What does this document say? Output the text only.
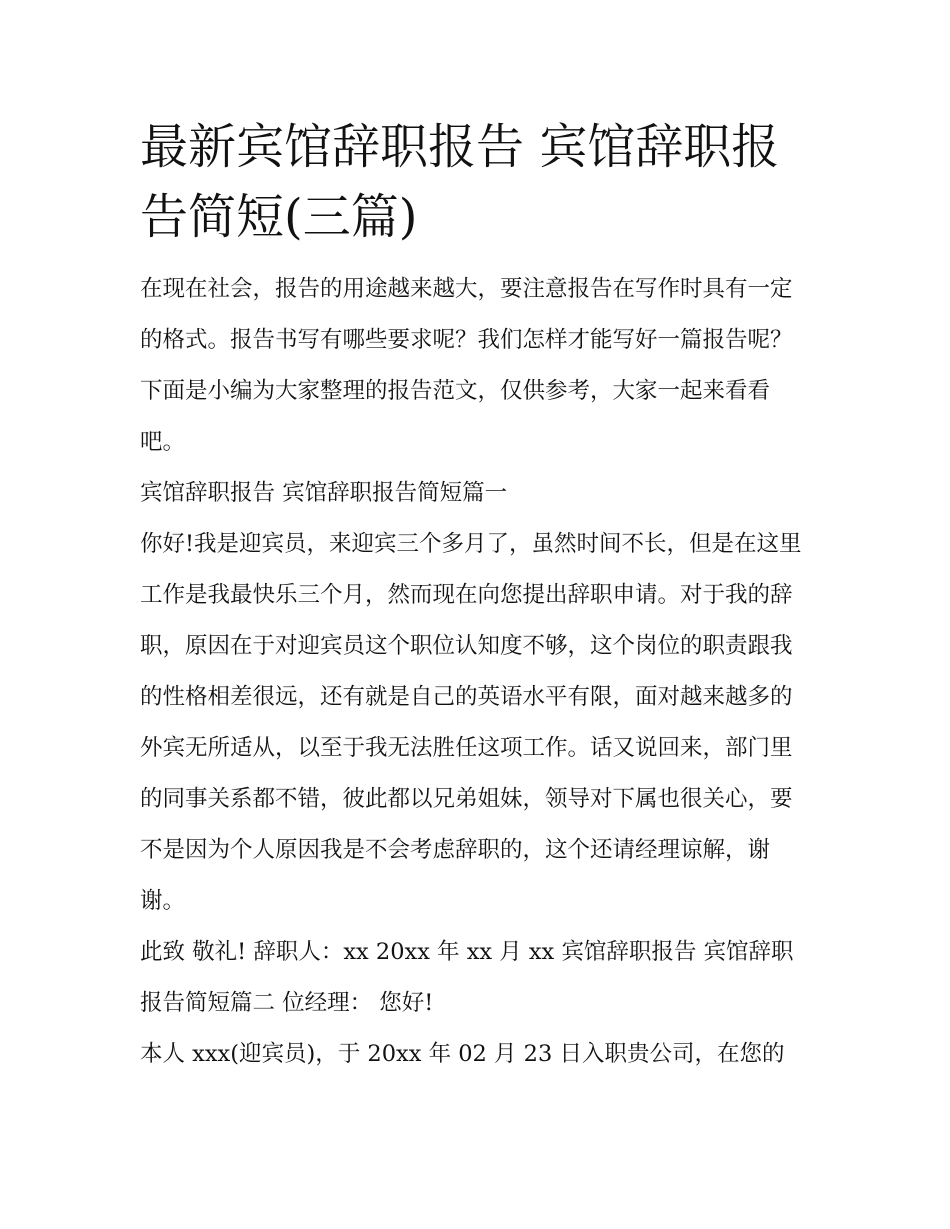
最新宾馆辞职报告 宾馆辞职报告简短(三篇)

在现在社会，报告的用途越来越大，要注意报告在写作时具有一定的格式。报告书写有哪些要求呢？我们怎样才能写好一篇报告呢？下面是小编为大家整理的报告范文，仅供参考，大家一起来看看吧。

宾馆辞职报告 宾馆辞职报告简短篇一

你好!我是迎宾员，来迎宾三个多月了，虽然时间不长，但是在这里工作是我最快乐三个月，然而现在向您提出辞职申请。对于我的辞职，原因在于对迎宾员这个职位认知度不够，这个岗位的职责跟我的性格相差很远，还有就是自己的英语水平有限，面对越来越多的外宾无所适从，以至于我无法胜任这项工作。话又说回来，部门里的同事关系都不错，彼此都以兄弟姐妹，领导对下属也很关心，要不是因为个人原因我是不会考虑辞职的，这个还请经理谅解，谢谢。

此致 敬礼! 辞职人：xx 20xx 年 xx 月 xx 宾馆辞职报告 宾馆辞职报告简短篇二 位经理： 您好!

本人 xxx(迎宾员)，于 20xx 年 02 月 23 日入职贵公司，在您的
